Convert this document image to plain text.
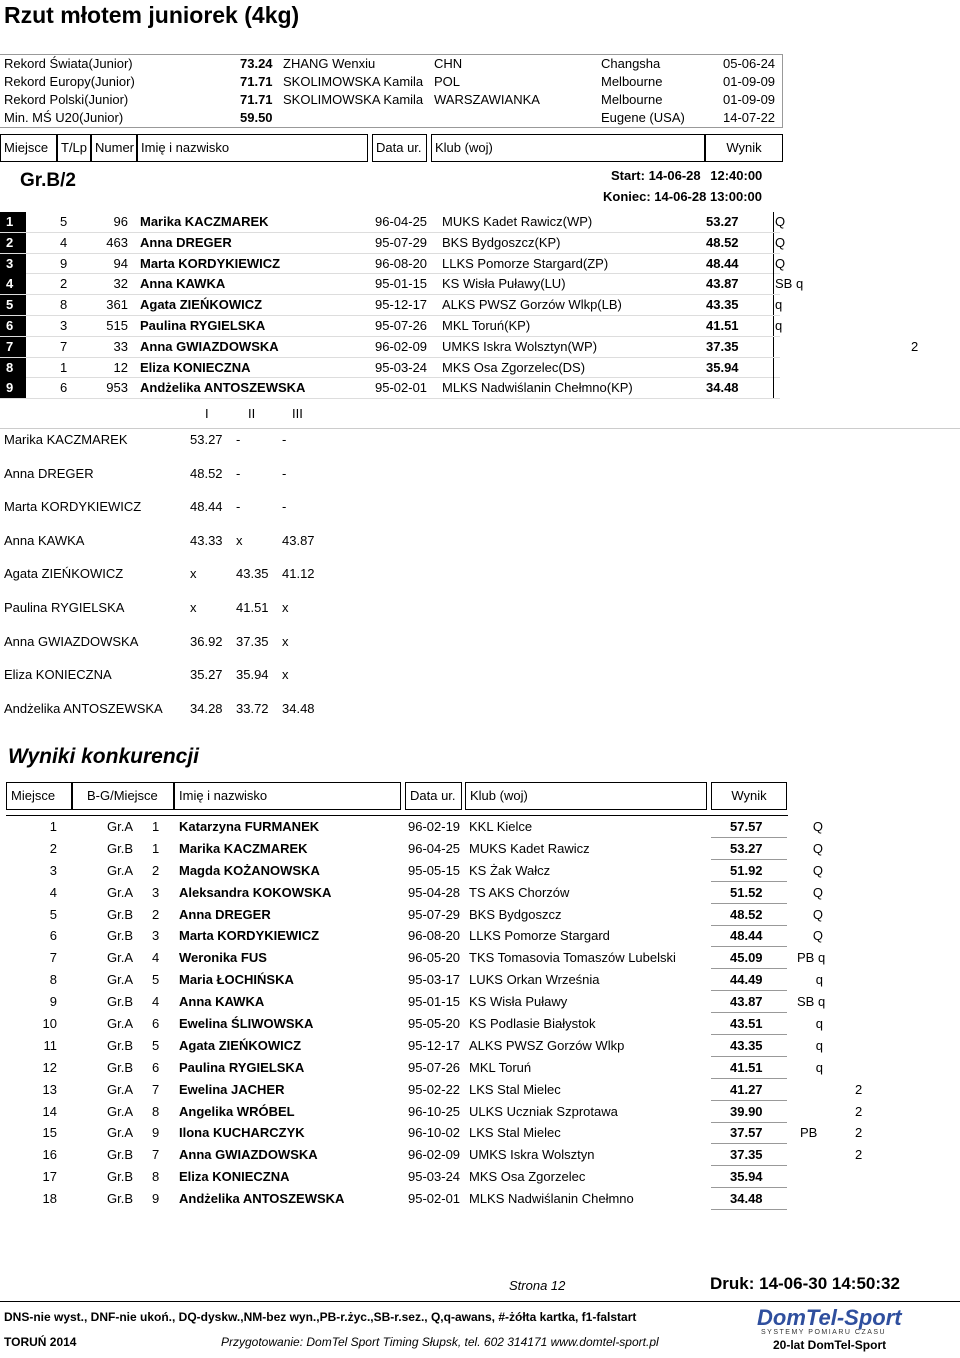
Rzut młotem juniorek (4kg)
Rekord Świata(Junior)	73.24 ZHANG Wenxiu	CHN	Changsha	05-06-24
Rekord Europy(Junior)	71.71 SKOLIMOWSKA Kamila POL	Melbourne	01-09-09
Rekord Polski(Junior)	71.71 SKOLIMOWSKA Kamila WARSZAWIANKA	Melbourne	01-09-09
Min. MŚ U20(Junior)	59.50	Eugene (USA)	14-07-22
Miejsce T/Lp Numer Imię i nazwisko	Data ur.	Klub (woj)	Wynik
Gr.B/2	Start: 14-06-28 12:40:00
Koniec: 14-06-28 13:00:00
1	5	96 Marika KACZMAREK	96-04-25 MUKS Kadet Rawicz(WP)	53.27	Q
2	4	463 Anna DREGER	95-07-29 BKS Bydgoszcz(KP)	48.52	Q
3	9	94 Marta KORDYKIEWICZ	96-08-20 LLKS Pomorze Stargard(ZP)	48.44	Q
4	2	32 Anna KAWKA	95-01-15 KS Wisła Puławy(LU)	43.87	SB q
5	8	361 Agata ZIEŃKOWICZ	95-12-17 ALKS PWSZ Gorzów Wlkp(LB)	43.35	q
6	3	515 Paulina RYGIELSKA	95-07-26 MKL Toruń(KP)	41.51	q
7	7	33 Anna GWIAZDOWSKA	96-02-09 UMKS Iskra Wolsztyn(WP)	37.35	2
8	1	12 Eliza KONIECZNA	95-03-24 MKS Osa Zgorzelec(DS)	35.94
9	6	953 Andżelika ANTOSZEWSKA	95-02-01 MLKS Nadwiślanin Chełmno(KP)	34.48
I	II	III
Marika KACZMAREK	53.27 -	-
Anna DREGER	48.52 -	-
Marta KORDYKIEWICZ	48.44 -	-
Anna KAWKA	43.33 x	43.87
Agata ZIEŃKOWICZ	x	43.35 41.12
Paulina RYGIELSKA	x	41.51 x
Anna GWIAZDOWSKA	36.92 37.35 x
Eliza KONIECZNA	35.27 35.94 x
Andżelika ANTOSZEWSKA 34.28 33.72 34.48
Wyniki konkurencji
Miejsce	B-G/Miejsce	Imię i nazwisko	Data ur.	Klub (woj)	Wynik
1	Gr.A 1 Katarzyna FURMANEK	96-02-19 KKL Kielce	57.57	Q
2	Gr.B 1 Marika KACZMAREK	96-04-25 MUKS Kadet Rawicz	53.27	Q
3	Gr.A 2 Magda KOŻANOWSKA	95-05-15 KS Żak Wałcz	51.92	Q
4	Gr.A 3 Aleksandra KOKOWSKA	95-04-28 TS AKS Chorzów	51.52	Q
5	Gr.B 2 Anna DREGER	95-07-29 BKS Bydgoszcz	48.52	Q
6	Gr.B 3 Marta KORDYKIEWICZ	96-08-20 LLKS Pomorze Stargard	48.44	Q
7	Gr.A 4 Weronika FUS	96-05-20 TKS Tomasovia Tomaszów Lubelski	45.09	PB q
8	Gr.A 5 Maria ŁOCHIŃSKA	95-03-17 LUKS Orkan Września	44.49	q
9	Gr.B 4 Anna KAWKA	95-01-15 KS Wisła Puławy	43.87	SB q
10	Gr.A 6 Ewelina ŚLIWOWSKA	95-05-20 KS Podlasie Białystok	43.51	q
11	Gr.B 5 Agata ZIEŃKOWICZ	95-12-17 ALKS PWSZ Gorzów Wlkp	43.35	q
12	Gr.B 6 Paulina RYGIELSKA	95-07-26 MKL Toruń	41.51	q
13	Gr.A 7 Ewelina JACHER	95-02-22 LKS Stal Mielec	41.27	2
14	Gr.A 8 Angelika WRÓBEL	96-10-25 ULKS Uczniak Szprotawa	39.90	2
15	Gr.A 9 Ilona KUCHARCZYK	96-10-02 LKS Stal Mielec	37.57	PB	2
16	Gr.B 7 Anna GWIAZDOWSKA	96-02-09 UMKS Iskra Wolsztyn	37.35	2
17	Gr.B 8 Eliza KONIECZNA	95-03-24 MKS Osa Zgorzelec	35.94
18	Gr.B 9 Andżelika ANTOSZEWSKA	95-02-01 MLKS Nadwiślanin Chełmno	34.48
Strona 12	Druk: 14-06-30 14:50:32
DNS-nie wyst., DNF-nie ukoń., DQ-dyskw.,NM-bez wyn.,PB-r.życ.,SB-r.sez., Q,q-awans, #-żółta kartka, f1-falstart
TORUŃ 2014	Przygotowanie: DomTel Sport Timing Słupsk, tel. 602 314171 www.domtel-sport.pl
DomTel-Sport
SYSTEMY POMIARU CZASU
20-lat DomTel-Sport
